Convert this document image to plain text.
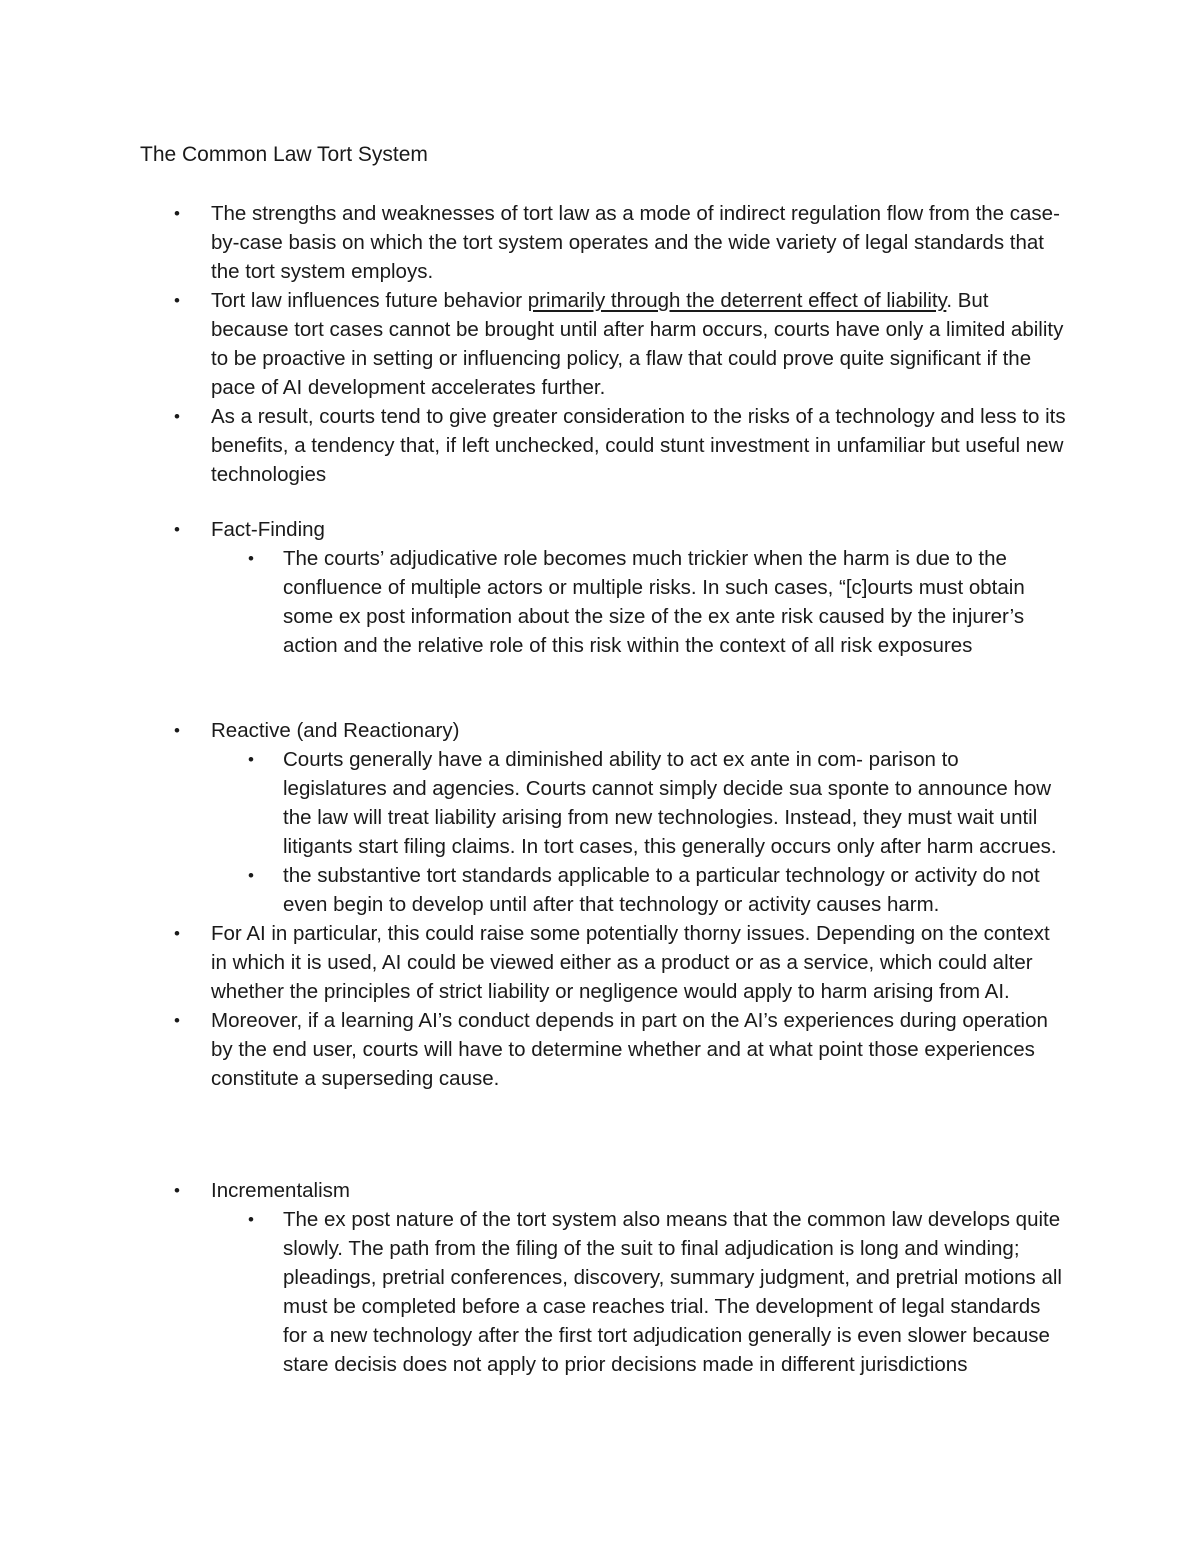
The Common Law Tort System

• The strengths and weaknesses of tort law as a mode of indirect regulation flow from the case-by-case basis on which the tort system operates and the wide variety of legal standards that the tort system employs.

• Tort law influences future behavior primarily through the deterrent effect of liability. But because tort cases cannot be brought until after harm occurs, courts have only a limited ability to be proactive in setting or influencing policy, a flaw that could prove quite significant if the pace of AI development accelerates further.

• As a result, courts tend to give greater consideration to the risks of a technology and less to its benefits, a tendency that, if left unchecked, could stunt investment in unfamiliar but useful new technologies

• Fact-Finding

• The courts’ adjudicative role becomes much trickier when the harm is due to the confluence of multiple actors or multiple risks. In such cases, “[c]ourts must obtain some ex post information about the size of the ex ante risk caused by the injurer’s action and the relative role of this risk within the context of all risk exposures

• Reactive (and Reactionary)

• Courts generally have a diminished ability to act ex ante in com- parison to legislatures and agencies. Courts cannot simply decide sua sponte to announce how the law will treat liability arising from new technologies. Instead, they must wait until litigants start filing claims. In tort cases, this generally occurs only after harm accrues.

• the substantive tort standards applicable to a particular technology or activity do not even begin to develop until after that technology or activity causes harm.

• For AI in particular, this could raise some potentially thorny issues. Depending on the context in which it is used, AI could be viewed either as a product or as a service, which could alter whether the principles of strict liability or negligence would apply to harm arising from AI.

• Moreover, if a learning AI’s conduct depends in part on the AI’s experiences during operation by the end user, courts will have to determine whether and at what point those experiences constitute a superseding cause.

• Incrementalism

• The ex post nature of the tort system also means that the common law develops quite slowly. The path from the filing of the suit to final adjudication is long and winding; pleadings, pretrial conferences, discovery, summary judgment, and pretrial motions all must be completed before a case reaches trial. The development of legal standards for a new technology after the first tort adjudication generally is even slower because stare decisis does not apply to prior decisions made in different jurisdictions
